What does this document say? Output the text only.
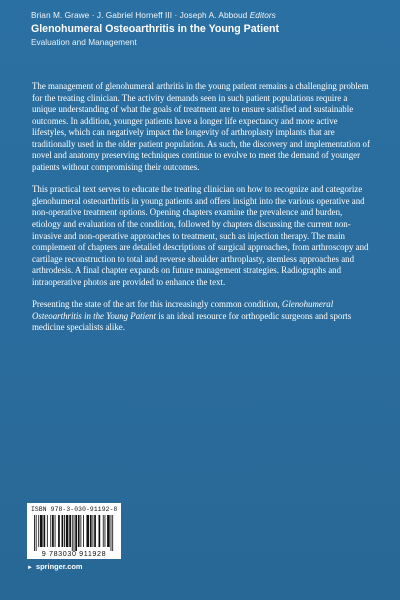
Brian M. Grawe · J. Gabriel Horneff III · Joseph A. Abboud Editors
Glenohumeral Osteoarthritis in the Young Patient
Evaluation and Management

The management of glenohumeral arthritis in the young patient remains a challenging problem for the treating clinician. The activity demands seen in such patient populations require a unique understanding of what the goals of treatment are to ensure satisfied and sustainable outcomes. In addition, younger patients have a longer life expectancy and more active lifestyles, which can negatively impact the longevity of arthroplasty implants that are traditionally used in the older patient population. As such, the discovery and implementation of novel and anatomy preserving techniques continue to evolve to meet the demand of younger patients without compromising their outcomes.

This practical text serves to educate the treating clinician on how to recognize and categorize glenohumeral osteoarthritis in young patients and offers insight into the various operative and non-operative treatment options. Opening chapters examine the prevalence and burden, etiology and evaluation of the condition, followed by chapters discussing the current non-invasive and non-operative approaches to treatment, such as injection therapy. The main complement of chapters are detailed descriptions of surgical approaches, from arthroscopy and cartilage reconstruction to total and reverse shoulder arthroplasty, stemless approaches and arthrodesis. A final chapter expands on future management strategies. Radiographs and intraoperative photos are provided to enhance the text.

Presenting the state of the art for this increasingly common condition, Glenohumeral Osteoarthritis in the Young Patient is an ideal resource for orthopedic surgeons and sports medicine specialists alike.

ISBN 978-3-030-91192-8
9 783030 911928
► springer.com
